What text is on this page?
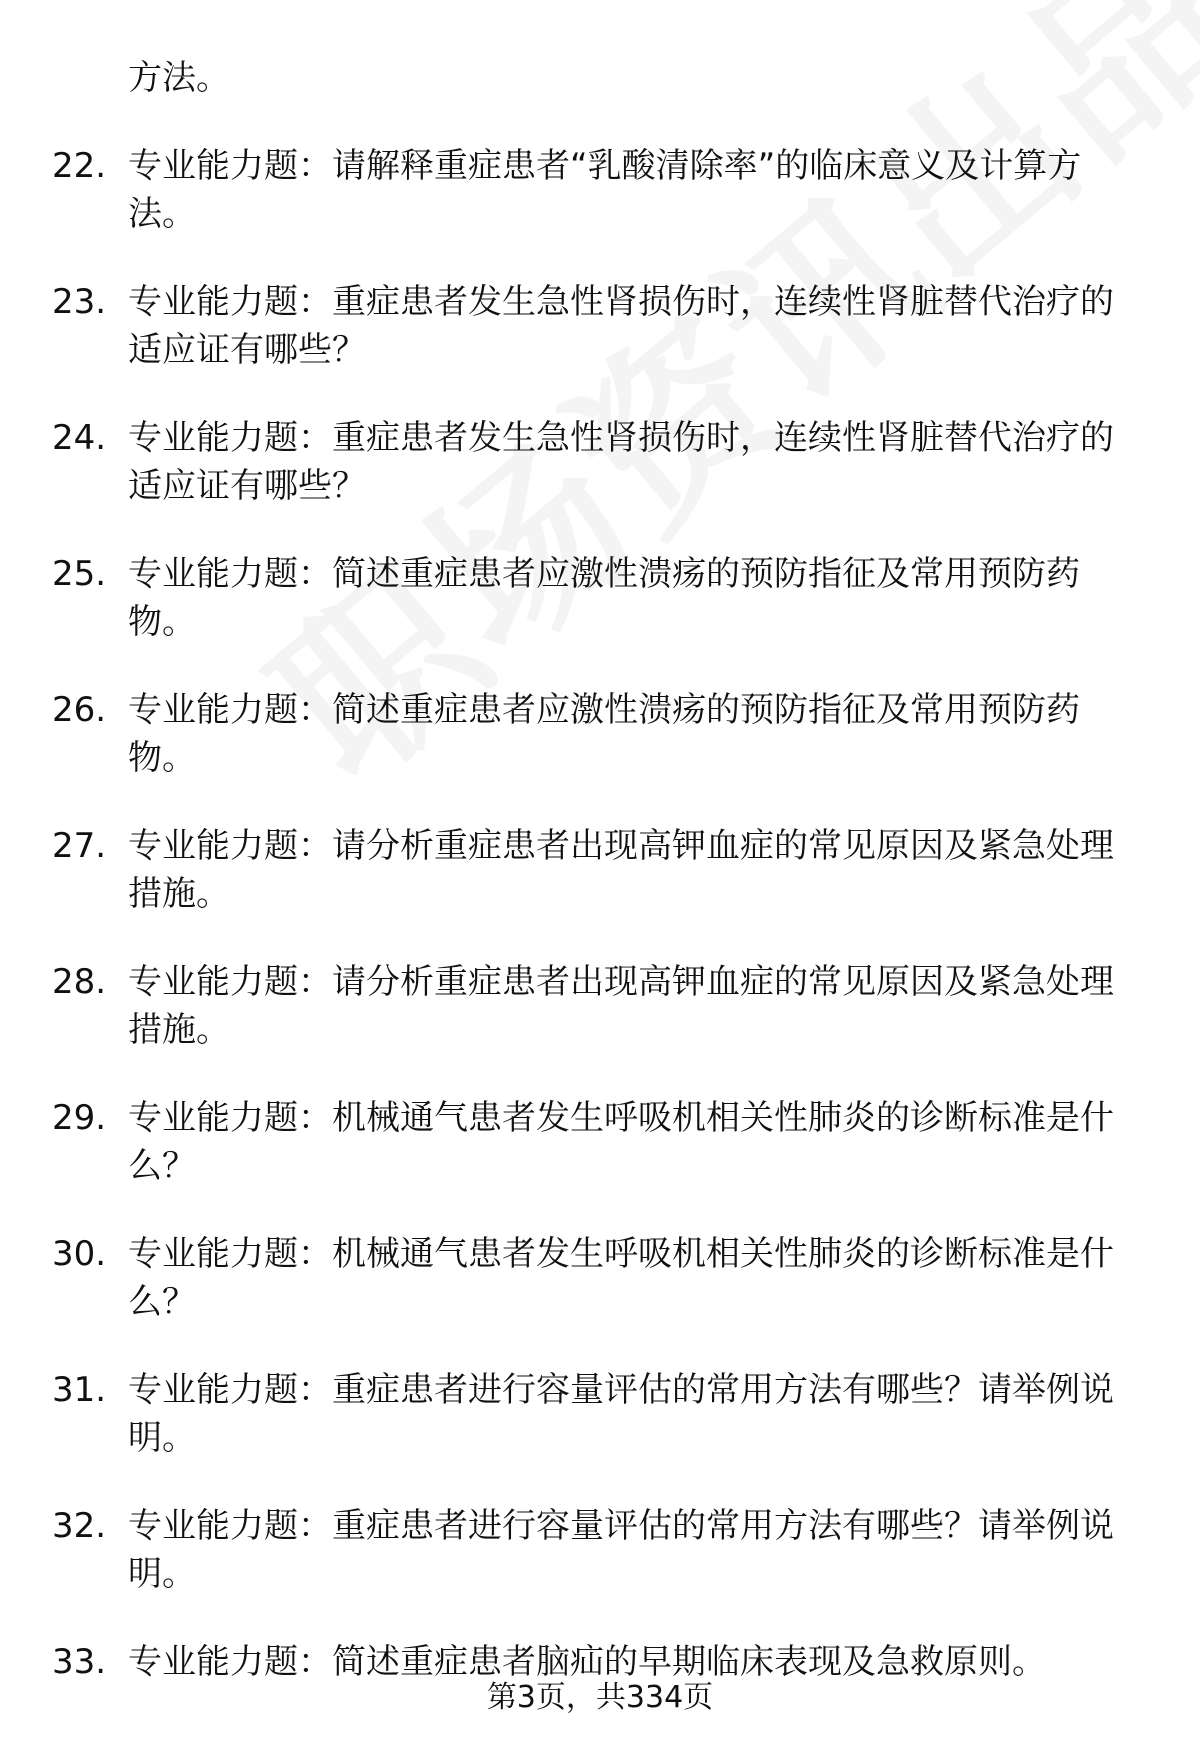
方法。

22. 专业能力题：请解释重症患者“乳酸清除率”的临床意义及计算方法。
23. 专业能力题：重症患者发生急性肾损伤时，连续性肾脏替代治疗的适应证有哪些？
24. 专业能力题：重症患者发生急性肾损伤时，连续性肾脏替代治疗的适应证有哪些？
25. 专业能力题：简述重症患者应激性溃疡的预防指征及常用预防药物。
26. 专业能力题：简述重症患者应激性溃疡的预防指征及常用预防药物。
27. 专业能力题：请分析重症患者出现高钾血症的常见原因及紧急处理措施。
28. 专业能力题：请分析重症患者出现高钾血症的常见原因及紧急处理措施。
29. 专业能力题：机械通气患者发生呼吸机相关性肺炎的诊断标准是什么？
30. 专业能力题：机械通气患者发生呼吸机相关性肺炎的诊断标准是什么？
31. 专业能力题：重症患者进行容量评估的常用方法有哪些？请举例说明。
32. 专业能力题：重症患者进行容量评估的常用方法有哪些？请举例说明。
33. 专业能力题：简述重症患者脑疝的早期临床表现及急救原则。
第3页，共334页
